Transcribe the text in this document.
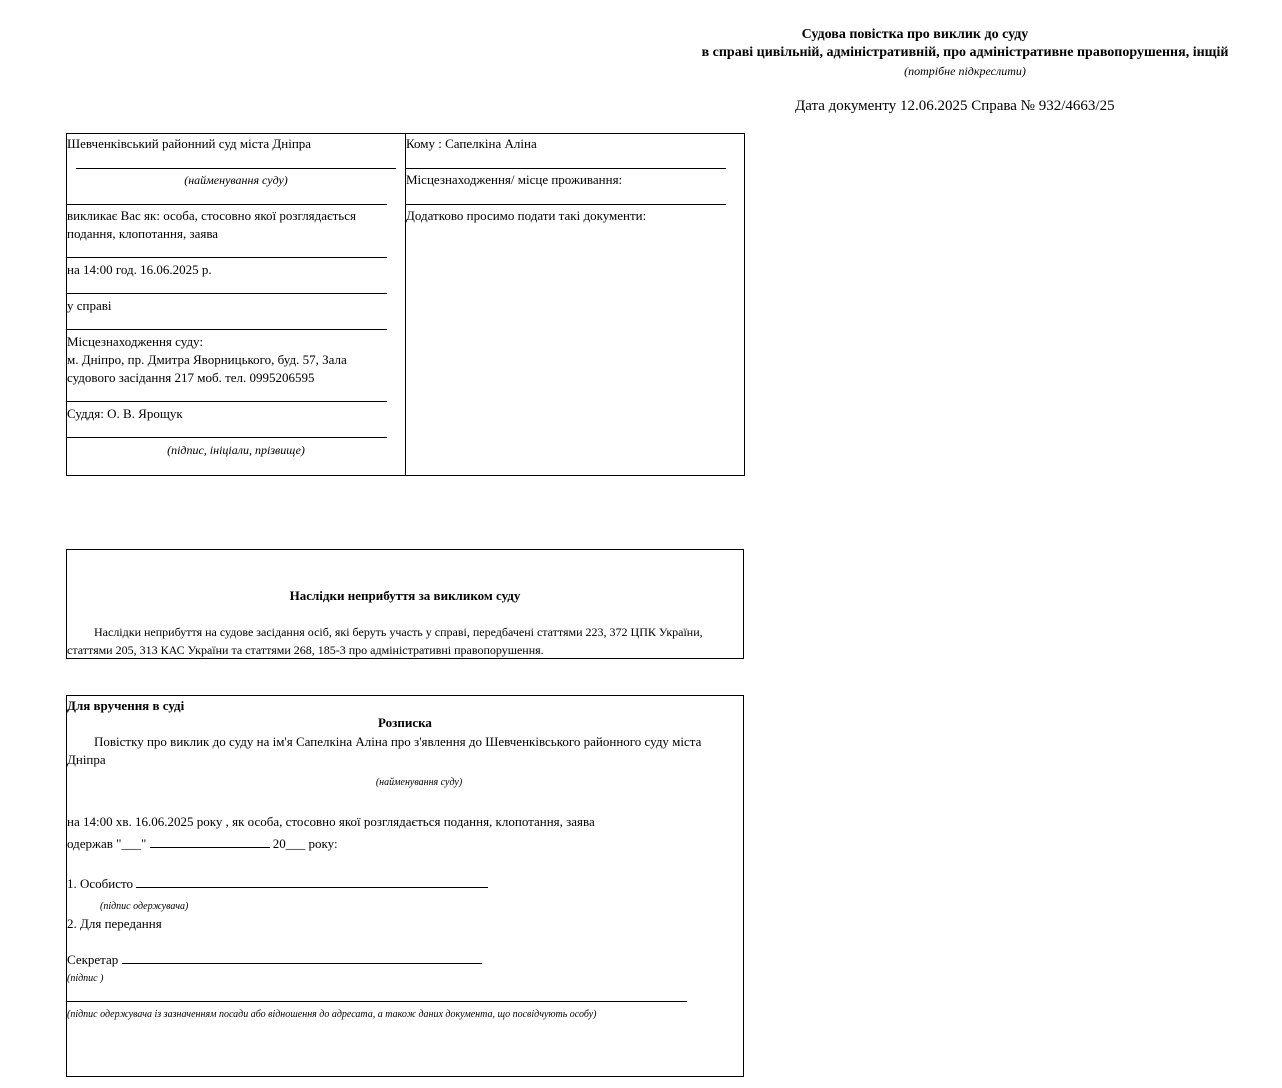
Судова повістка про виклик до суду
в справі цивільній, адміністративній, про адміністративне правопорушення, інщій
(потрібне підкреслити)
Дата документу 12.06.2025 Справа № 932/4663/25
Шевченківський районний суд міста Дніпра
(найменування суду)
викликає Вас як: особа, стосовно якої розглядається
подання, клопотання, заява
на 14:00 год. 16.06.2025 р.
у справі
Місцезнаходження суду:
м. Дніпро, пр. Дмитра Яворницького, буд. 57, Зала
судового засідання 217 моб. тел. 0995206595
Суддя: О. В. Ярощук
(підпис, ініціали, прізвище)
Кому : Сапелкіна Аліна
Місцезнаходження/ місце проживання:
Додатково просимо подати такі документи:
Наслідки неприбуття за викликом суду
Наслідки неприбуття на судове засідання осіб, які беруть участь у справі, передбачені статтями 223, 372 ЦПК України,
статтями 205, 313 КАС України та статтями 268, 185-3 про адміністративні правопорушення.
Для вручення в суді
Розписка
Повістку про виклик до суду на ім'я Сапелкіна Аліна про з'явлення до Шевченківського районного суду міста
Дніпра
(найменування суду)
на 14:00 хв. 16.06.2025 року , як особа, стосовно якої розглядається подання, клопотання, заява
одержав "___"	20___ року:
1. Особисто
(підпис одержувача)
2. Для передання
Секретар
(підпис )
(підпис одержувача із зазначенням посади або відношення до адресата, а також даних документа, що посвідчують особу)
